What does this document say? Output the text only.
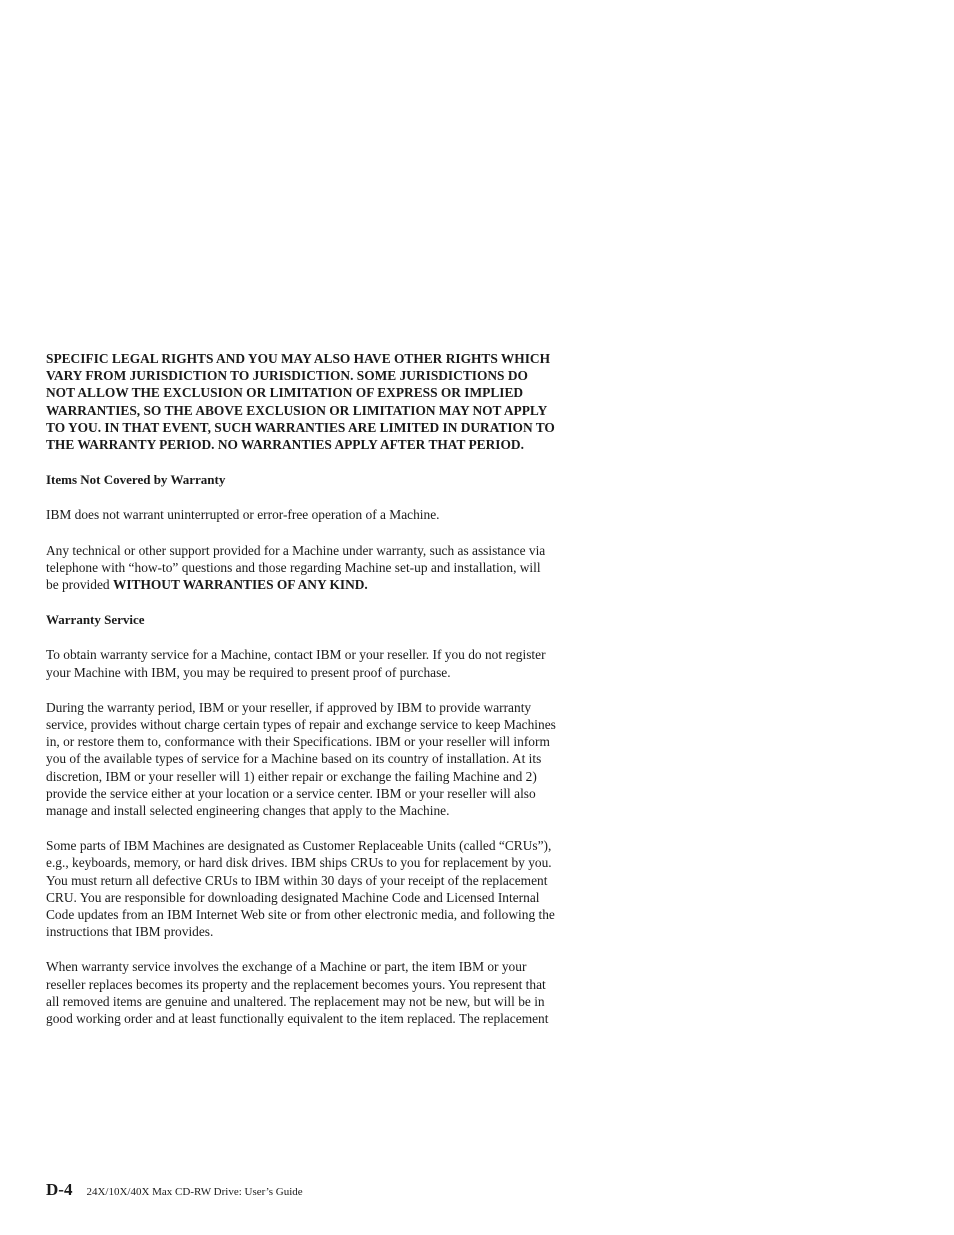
SPECIFIC LEGAL RIGHTS AND YOU MAY ALSO HAVE OTHER RIGHTS WHICH VARY FROM JURISDICTION TO JURISDICTION. SOME JURISDICTIONS DO NOT ALLOW THE EXCLUSION OR LIMITATION OF EXPRESS OR IMPLIED WARRANTIES, SO THE ABOVE EXCLUSION OR LIMITATION MAY NOT APPLY TO YOU. IN THAT EVENT, SUCH WARRANTIES ARE LIMITED IN DURATION TO THE WARRANTY PERIOD. NO WARRANTIES APPLY AFTER THAT PERIOD.

Items Not Covered by Warranty

IBM does not warrant uninterrupted or error-free operation of a Machine.

Any technical or other support provided for a Machine under warranty, such as assistance via telephone with “how-to” questions and those regarding Machine set-up and installation, will be provided WITHOUT WARRANTIES OF ANY KIND.

Warranty Service

To obtain warranty service for a Machine, contact IBM or your reseller. If you do not register your Machine with IBM, you may be required to present proof of purchase.

During the warranty period, IBM or your reseller, if approved by IBM to provide warranty service, provides without charge certain types of repair and exchange service to keep Machines in, or restore them to, conformance with their Specifications. IBM or your reseller will inform you of the available types of service for a Machine based on its country of installation. At its discretion, IBM or your reseller will 1) either repair or exchange the failing Machine and 2) provide the service either at your location or a service center. IBM or your reseller will also manage and install selected engineering changes that apply to the Machine.

Some parts of IBM Machines are designated as Customer Replaceable Units (called “CRUs”), e.g., keyboards, memory, or hard disk drives. IBM ships CRUs to you for replacement by you. You must return all defective CRUs to IBM within 30 days of your receipt of the replacement CRU. You are responsible for downloading designated Machine Code and Licensed Internal Code updates from an IBM Internet Web site or from other electronic media, and following the instructions that IBM provides.

When warranty service involves the exchange of a Machine or part, the item IBM or your reseller replaces becomes its property and the replacement becomes yours. You represent that all removed items are genuine and unaltered. The replacement may not be new, but will be in good working order and at least functionally equivalent to the item replaced. The replacement

D-4 24X/10X/40X Max CD-RW Drive: User’s Guide
